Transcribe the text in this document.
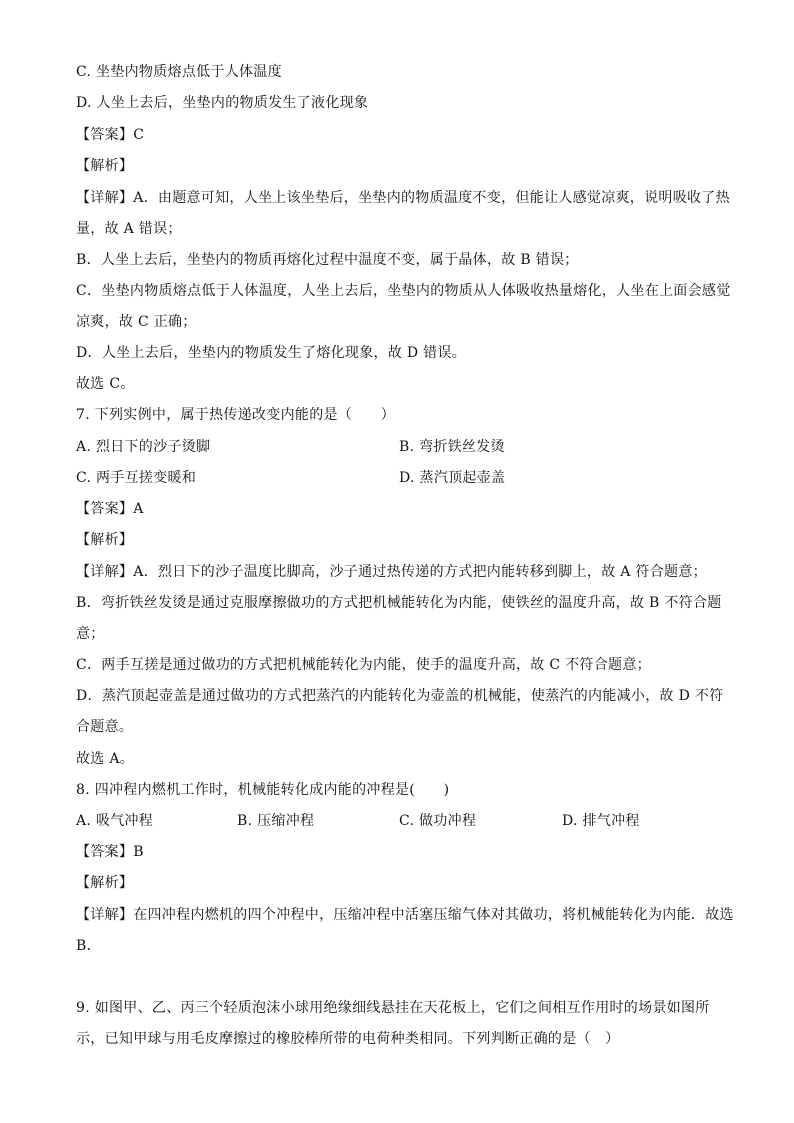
C. 坐垫内物质熔点低于人体温度
D. 人坐上去后，坐垫内的物质发生了液化现象
【答案】C
【解析】
【详解】A．由题意可知，人坐上该坐垫后，坐垫内的物质温度不变，但能让人感觉凉爽，说明吸收了热
量，故 A 错误；
B．人坐上去后，坐垫内的物质再熔化过程中温度不变，属于晶体，故 B 错误；
C．坐垫内物质熔点低于人体温度，人坐上去后，坐垫内的物质从人体吸收热量熔化，人坐在上面会感觉
凉爽，故 C 正确；
D．人坐上去后，坐垫内的物质发生了熔化现象，故 D 错误。
故选 C。
7. 下列实例中，属于热传递改变内能的是（　　）
A. 烈日下的沙子烫脚	B. 弯折铁丝发烫
C. 两手互搓变暖和	D. 蒸汽顶起壶盖
【答案】A
【解析】
【详解】A．烈日下的沙子温度比脚高，沙子通过热传递的方式把内能转移到脚上，故 A 符合题意；
B．弯折铁丝发烫是通过克服摩擦做功的方式把机械能转化为内能，使铁丝的温度升高，故 B 不符合题
意；
C．两手互搓是通过做功的方式把机械能转化为内能，使手的温度升高，故 C 不符合题意；
D．蒸汽顶起壶盖是通过做功的方式把蒸汽的内能转化为壶盖的机械能，使蒸汽的内能减小，故 D 不符
合题意。
故选 A。
8. 四冲程内燃机工作时，机械能转化成内能的冲程是(　　)
A. 吸气冲程	B. 压缩冲程	C. 做功冲程	D. 排气冲程
【答案】B
【解析】
【详解】在四冲程内燃机的四个冲程中，压缩冲程中活塞压缩气体对其做功，将机械能转化为内能．故选
B．
9. 如图甲、乙、丙三个轻质泡沫小球用绝缘细线悬挂在天花板上，它们之间相互作用时的场景如图所
示，已知甲球与用毛皮摩擦过的橡胶棒所带的电荷种类相同。下列判断正确的是（　）
